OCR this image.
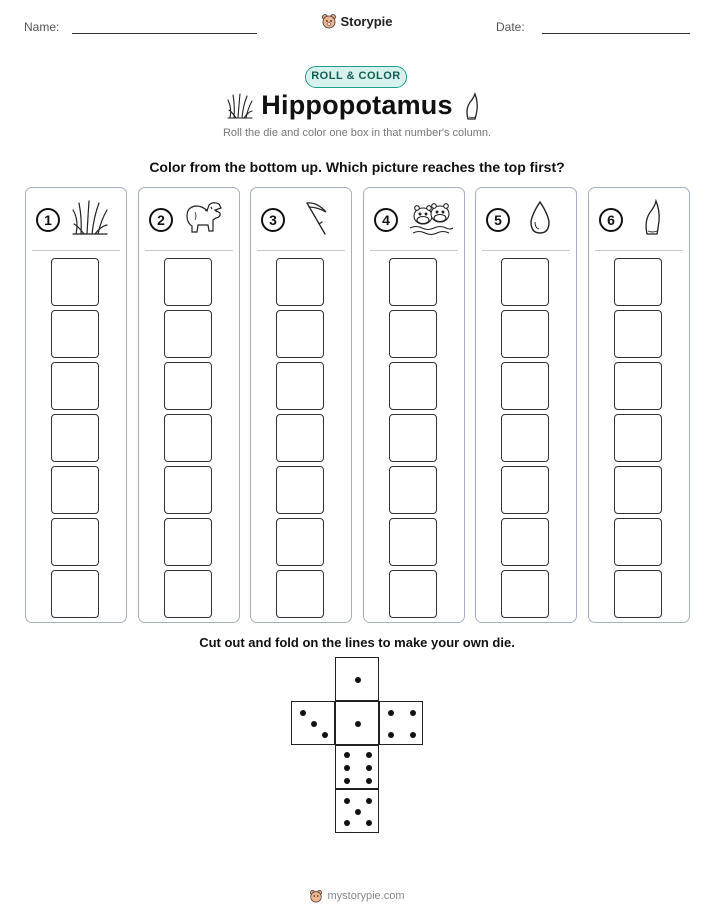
Name:	Storypie	Date:
ROLL & COLOR
Hippopotamus
Roll the die and color one box in that number's column.
Color from the bottom up. Which picture reaches the top first?
1	2	3	4	5	6
Cut out and fold on the lines to make your own die.
mystorypie.com
